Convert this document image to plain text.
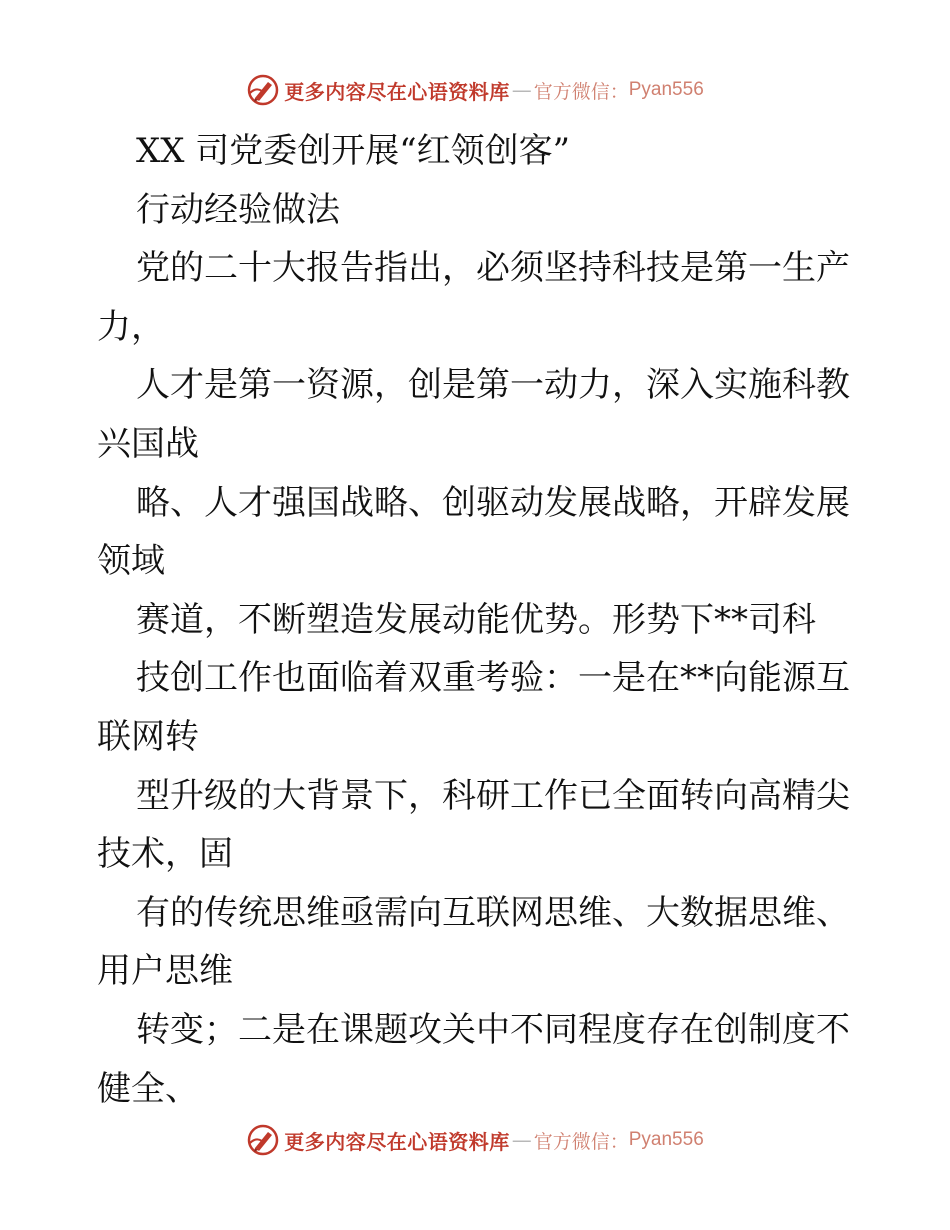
更多内容尽在心语资料库 — 官方微信： Pyan556
XX 司党委创开展“红领创客”
行动经验做法
党的二十大报告指出，必须坚持科技是第一生产
力，
人才是第一资源，创是第一动力，深入实施科教
兴国战
略、人才强国战略、创驱动发展战略，开辟发展
领域
赛道，不断塑造发展动能优势。形势下**司科
技创工作也面临着双重考验：一是在**向能源互
联网转
型升级的大背景下，科研工作已全面转向高精尖
技术，固
有的传统思维亟需向互联网思维、大数据思维、
用户思维
转变；二是在课题攻关中不同程度存在创制度不
健全、
更多内容尽在心语资料库 — 官方微信： Pyan556
